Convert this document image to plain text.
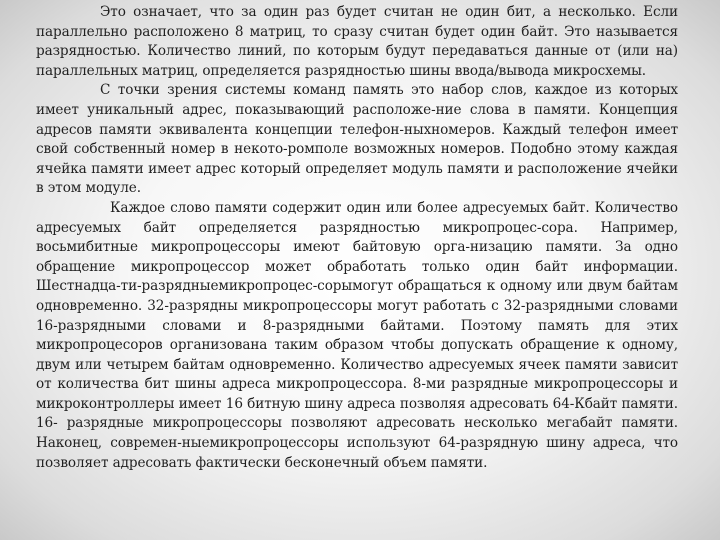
Это означает, что за один раз будет считан не один бит, а несколько. Если параллельно расположено 8 матриц, то сразу считан будет один байт. Это называется разрядностью. Количество линий, по которым будут передаваться данные от (или на) параллельных матриц, определяется разрядностью шины ввода/вывода микросхемы.

С точки зрения системы команд память это набор слов, каждое из которых имеет уникальный адрес, показывающий расположе-ние слова в памяти. Концепция адресов памяти эквивалента концепции телефон-ныхномеров. Каждый телефон имеет свой собственный номер в некото-ромполе возможных номеров. Подобно этому каждая ячейка памяти имеет адрес который определяет модуль памяти и расположение ячейки в этом модуле.

Каждое слово памяти содержит один или более адресуемых байт. Количество адресуемых байт определяется разрядностью микропроцес-сора. Например, восьмибитные микропроцессоры имеют байтовую орга-низацию памяти. За одно обращение микропроцессор может обработать только один байт информации. Шестнадца-ти-разрядныемикропроцес-сорымогут обращаться к одному или двум байтам одновременно. 32-разрядны микропроцессоры могут работать с 32-разрядными словами 16-разрядными словами и 8-разрядными байтами. Поэтому память для этих микропроцесоров организована таким образом чтобы допускать обращение к одному, двум или четырем байтам одновременно. Количество адресуемых ячеек памяти зависит от количества бит шины адреса микропроцессора. 8-ми разрядные микропроцессоры и микроконтроллеры имеет 16 битную шину адреса позволяя адресовать 64-Кбайт памяти. 16- разрядные микропроцессоры позволяют адресовать несколько мегабайт памяти. Наконец, современ-ныемикропроцессоры используют 64-разрядную шину адреса, что позволяет адресовать фактически бесконечный объем памяти.
